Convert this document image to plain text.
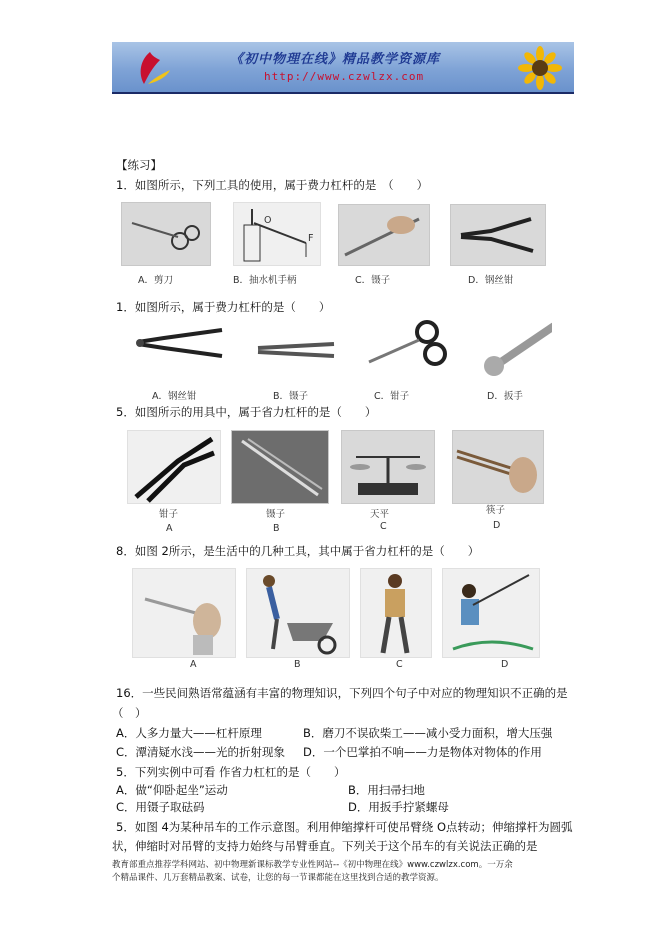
《初中物理在线》精品教学资源库
http://www.czwlzx.com
【练习】
1．如图所示，下列工具的使用，属于费力杠杆的是　（　　）
O
F
A．剪刀	B．抽水机手柄	C．镊子	D．钢丝钳
1．如图所示，属于费力杠杆的是（　　）
A．钢丝钳	B．镊子	C．钳子	D．扳手
5．如图所示的用具中，属于省力杠杆的是（　　）
钳子	镊子	天平	筷子
A	B	C	D
8．如图 2所示，是生活中的几种工具，其中属于省力杠杆的是（　　）
A	B	C	D
16．一些民间熟语常蕴涵有丰富的物理知识，下列四个句子中对应的物理知识不正确的是
（　）
A．人多力量大——杠杆原理	B．磨刀不误砍柴工——减小受力面积，增大压强
C．潭清疑水浅——光的折射现象 D．一个巴掌拍不响——力是物体对物体的作用
5．下列实例中可看 作省力杠杠的是（　　）
A．做“仰卧起坐”运动	B．用扫帚扫地
C．用镊子取砝码	D．用扳手拧紧螺母
5．如图 4为某种吊车的工作示意图。利用伸缩撑杆可使吊臂绕 O点转动；伸缩撑杆为圆弧
状，伸缩时对吊臂的支持力始终与吊臂垂直。下列关于这个吊车的有关说法正确的是
教育部重点推荐学科网站、初中物理新课标教学专业性网站--《初中物理在线》www.czwlzx.com。一万余
个精品课件、几万套精品教案、试卷，让您的每一节课都能在这里找到合适的教学资源。
